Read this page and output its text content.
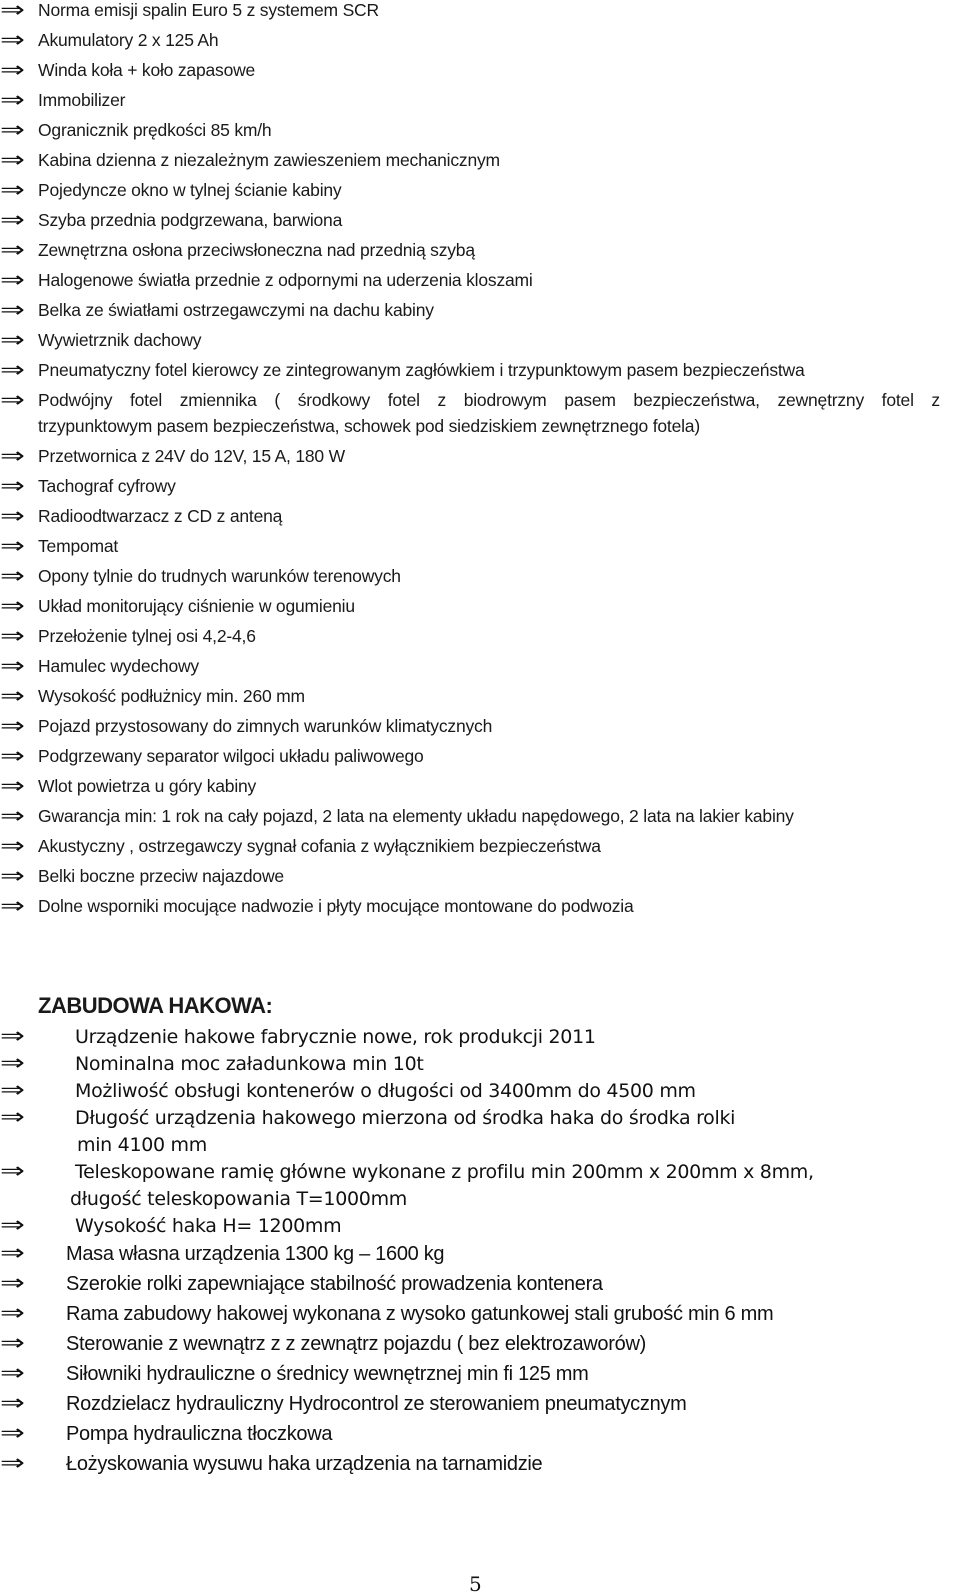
⇒ Norma emisji spalin Euro 5 z systemem SCR
⇒ Akumulatory 2 x 125 Ah
⇒ Winda koła + koło zapasowe
⇒ Immobilizer
⇒ Ogranicznik prędkości 85 km/h
⇒ Kabina dzienna z niezależnym zawieszeniem mechanicznym
⇒ Pojedyncze okno w tylnej ścianie kabiny
⇒ Szyba przednia podgrzewana, barwiona
⇒ Zewnętrzna osłona przeciwsłoneczna nad przednią szybą
⇒ Halogenowe światła przednie z odpornymi na uderzenia kloszami
⇒ Belka ze światłami ostrzegawczymi na dachu kabiny
⇒ Wywietrznik dachowy
⇒ Pneumatyczny fotel kierowcy ze zintegrowanym zagłówkiem i trzypunktowym pasem bezpieczeństwa
⇒ Podwójny fotel zmiennika ( środkowy fotel z biodrowym pasem bezpieczeństwa, zewnętrzny fotel z
trzypunktowym pasem bezpieczeństwa, schowek pod siedziskiem zewnętrznego fotela)
⇒ Przetwornica z 24V do 12V, 15 A, 180 W
⇒ Tachograf cyfrowy
⇒ Radioodtwarzacz z CD z anteną
⇒ Tempomat
⇒ Opony tylnie do trudnych warunków terenowych
⇒ Układ monitorujący ciśnienie w ogumieniu
⇒ Przełożenie tylnej osi 4,2-4,6
⇒ Hamulec wydechowy
⇒ Wysokość podłużnicy min. 260 mm
⇒ Pojazd przystosowany do zimnych warunków klimatycznych
⇒ Podgrzewany separator wilgoci układu paliwowego
⇒ Wlot powietrza u góry kabiny
⇒ Gwarancja min: 1 rok na cały pojazd, 2 lata na elementy układu napędowego, 2 lata na lakier kabiny
⇒ Akustyczny , ostrzegawczy sygnał cofania z wyłącznikiem bezpieczeństwa
⇒ Belki boczne przeciw najazdowe
⇒ Dolne wsporniki mocujące nadwozie i płyty mocujące montowane do podwozia
ZABUDOWA HAKOWA:
⇒	Urządzenie hakowe fabrycznie nowe, rok produkcji 2011
⇒	Nominalna moc załadunkowa min 10t
⇒	Możliwość obsługi kontenerów o długości od 3400mm do 4500 mm
⇒	Długość urządzenia hakowego mierzona od środka haka do środka rolki
min 4100 mm
⇒	Teleskopowane ramię główne wykonane z profilu min 200mm x 200mm x 8mm,
długość teleskopowania T=1000mm
⇒	Wysokość haka H= 1200mm
⇒	Masa własna urządzenia 1300 kg – 1600 kg
⇒	Szerokie rolki zapewniające stabilność prowadzenia kontenera
⇒	Rama zabudowy hakowej wykonana z wysoko gatunkowej stali grubość min 6 mm
⇒	Sterowanie z wewnątrz z z zewnątrz pojazdu ( bez elektrozaworów)
⇒	Siłowniki hydrauliczne o średnicy wewnętrznej min fi 125 mm
⇒	Rozdzielacz hydrauliczny Hydrocontrol ze sterowaniem pneumatycznym
⇒	Pompa hydrauliczna tłoczkowa
⇒	Łożyskowania wysuwu haka urządzenia na tarnamidzie
5
